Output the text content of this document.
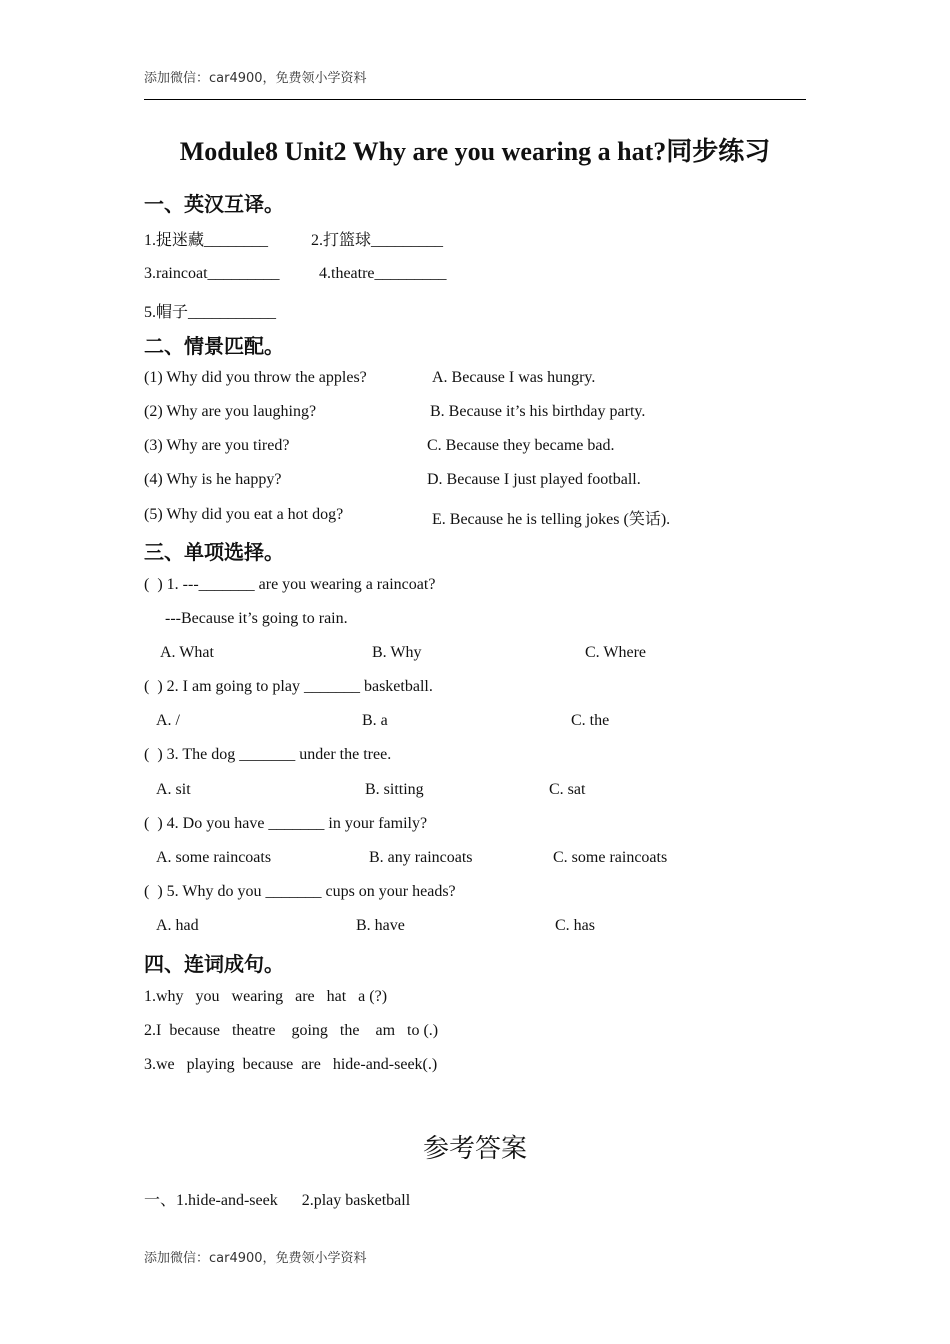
添加微信：car4900，免费领小学资料
Module8 Unit2 Why are you wearing a hat?同步练习
一、英汉互译。
1.捉迷藏________	2.打篮球_________
3.raincoat_________ 4.theatre_________
5.帽子___________
二、情景匹配。
(1) Why did you throw the apples?	A. Because I was hungry.
(2) Why are you laughing?	B. Because it’s his birthday party.
(3) Why are you tired?	C. Because they became bad.
(4) Why is he happy?	D. Because I just played football.
(5) Why did you eat a hot dog?	E. Because he is telling jokes (笑话).
三、单项选择。
(  ) 1. ---_______ are you wearing a raincoat?
---Because it’s going to rain.
A. What	B. Why	C. Where
(  ) 2. I am going to play _______ basketball.
A. /	B. a	C. the
(  ) 3. The dog _______ under the tree.
A. sit	B. sitting	C. sat
(  ) 4. Do you have _______ in your family?
A. some raincoats	B. any raincoats	C. some raincoats
(  ) 5. Why do you _______ cups on your heads?
A. had	B. have	C. has
四、连词成句。
1.why   you   wearing   are   hat   a (?)
2.I  because   theatre    going   the    am   to (.)
3.we   playing  because  are   hide-and-seek(.)
参考答案
一、1.hide-and-seek      2.play basketball
添加微信：car4900，免费领小学资料
